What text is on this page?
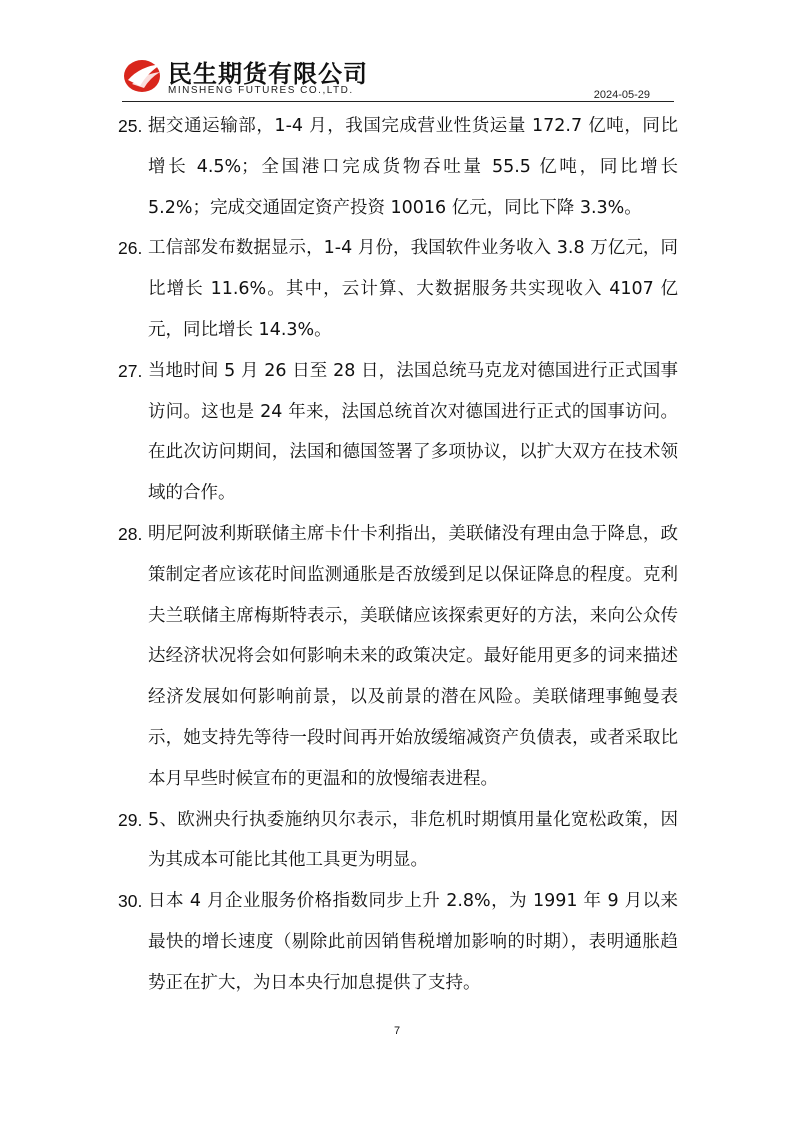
民生期货有限公司
MINSHENG FUTURES CO.,LTD.	2024-05-29
25. 据交通运输部，1-4 月，我国完成营业性货运量 172.7 亿吨，同比增长 4.5%；全国港口完成货物吞吐量 55.5 亿吨，同比增长 5.2%；完成交通固定资产投资 10016 亿元，同比下降 3.3%。
26. 工信部发布数据显示，1-4 月份，我国软件业务收入 3.8 万亿元，同比增长 11.6%。其中，云计算、大数据服务共实现收入 4107 亿元，同比增长 14.3%。
27. 当地时间 5 月 26 日至 28 日，法国总统马克龙对德国进行正式国事访问。这也是 24 年来，法国总统首次对德国进行正式的国事访问。在此次访问期间，法国和德国签署了多项协议，以扩大双方在技术领域的合作。
28. 明尼阿波利斯联储主席卡什卡利指出，美联储没有理由急于降息，政策制定者应该花时间监测通胀是否放缓到足以保证降息的程度。克利夫兰联储主席梅斯特表示，美联储应该探索更好的方法，来向公众传达经济状况将会如何影响未来的政策决定。最好能用更多的词来描述经济发展如何影响前景，以及前景的潜在风险。美联储理事鲍曼表示，她支持先等待一段时间再开始放缓缩减资产负债表，或者采取比本月早些时候宣布的更温和的放慢缩表进程。
29. 5、欧洲央行执委施纳贝尔表示，非危机时期慎用量化宽松政策，因为其成本可能比其他工具更为明显。
30. 日本 4 月企业服务价格指数同步上升 2.8%，为 1991 年 9 月以来最快的增长速度（剔除此前因销售税增加影响的时期），表明通胀趋势正在扩大，为日本央行加息提供了支持。
7
